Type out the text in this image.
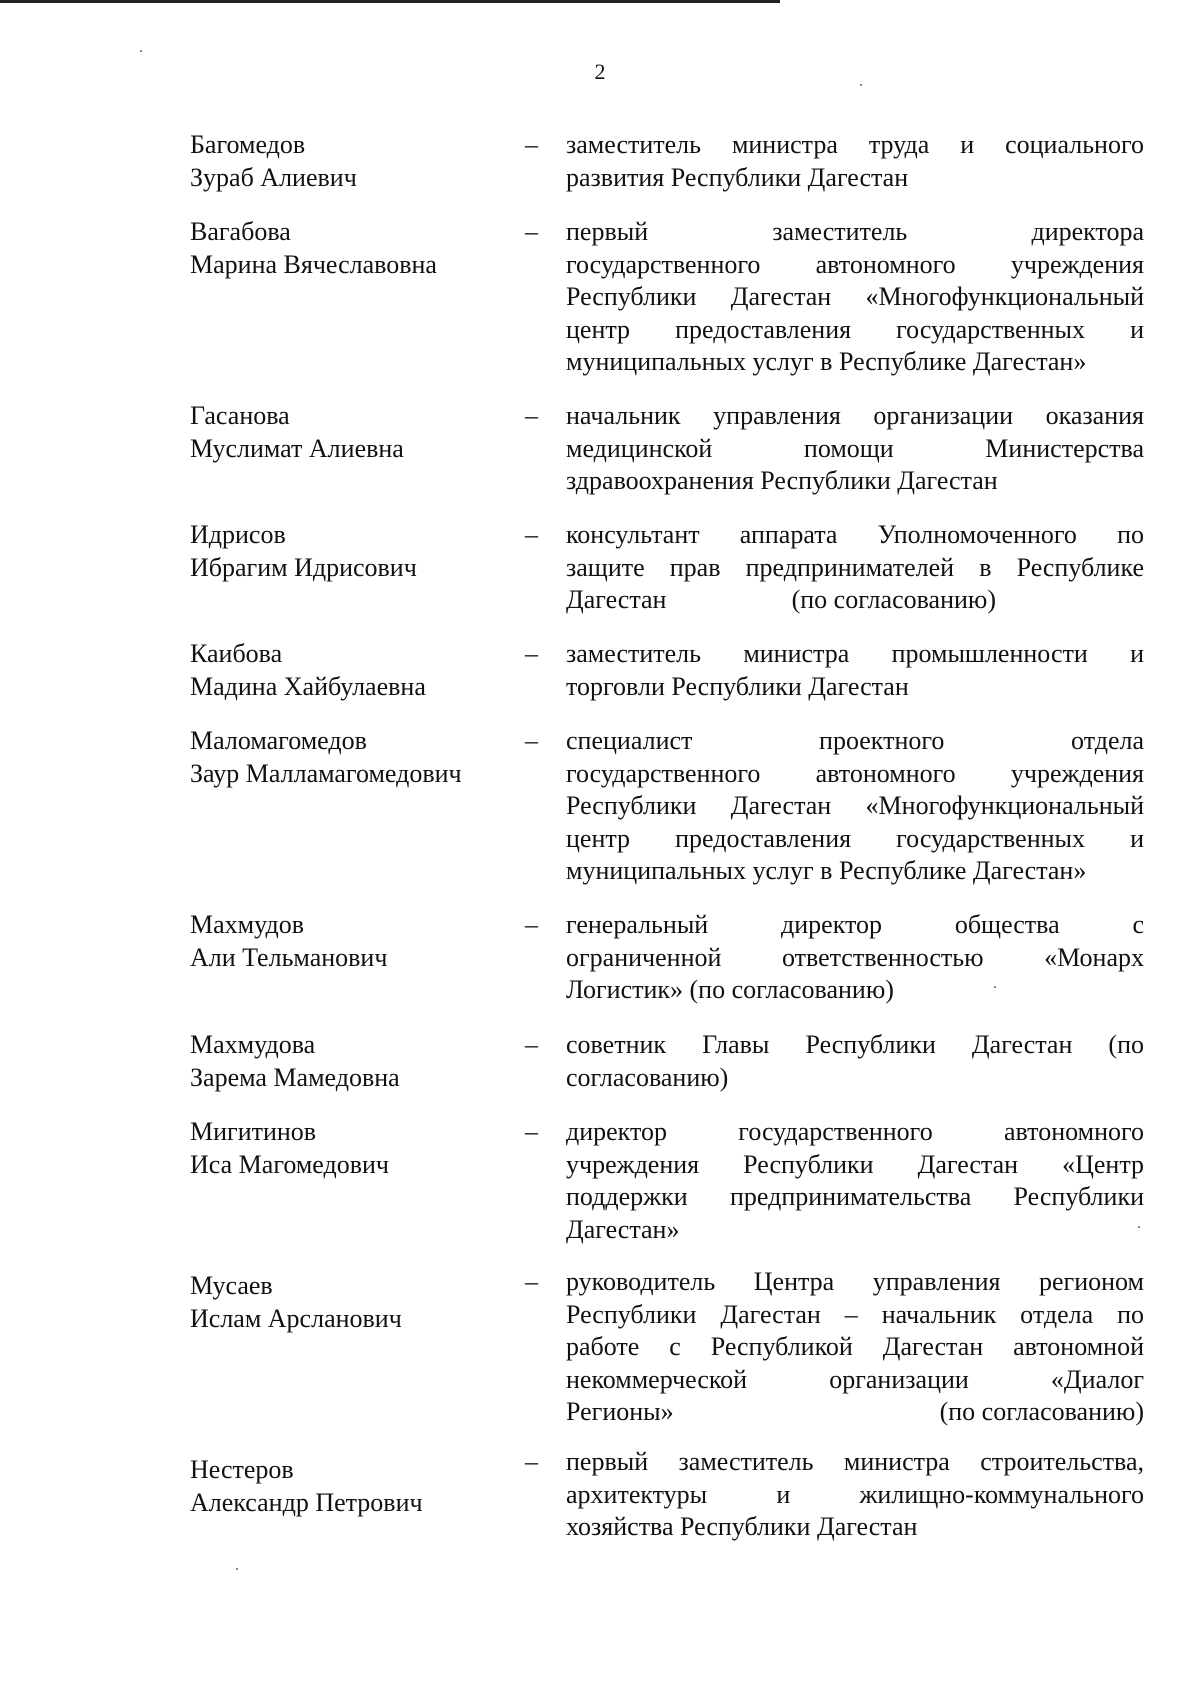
2
Багомедов
Зураб Алиевич
–	заместитель министра труда и социального
развития Республики Дагестан
Вагабова
Марина Вячеславовна
–	первый заместитель директора
государственного автономного учреждения
Республики Дагестан «Многофункциональный
центр предоставления государственных и
муниципальных услуг в Республике Дагестан»
Гасанова
Муслимат Алиевна
–	начальник управления организации оказания
медицинской помощи Министерства
здравоохранения Республики Дагестан
Идрисов
Ибрагим Идрисович
–	консультант аппарата Уполномоченного по
защите прав предпринимателей в Республике
Дагестан	(по согласованию)
Каибова
Мадина Хайбулаевна
–	заместитель министра промышленности и
торговли Республики Дагестан
Маломагомедов
Заур Малламагомедович
–	специалист проектного отдела
государственного автономного учреждения
Республики Дагестан «Многофункциональный
центр предоставления государственных и
муниципальных услуг в Республике Дагестан»
Махмудов
Али Тельманович
–	генеральный директор общества с
ограниченной ответственностью «Монарх
Логистик» (по согласованию)
Махмудова
Зарема Мамедовна
–	советник Главы Республики Дагестан (по
согласованию)
Мигитинов
Иса Магомедович
–	директор государственного автономного
учреждения Республики Дагестан «Центр
поддержки предпринимательства Республики
Дагестан»
Мусаев
Ислам Арсланович
–	руководитель Центра управления регионом
Республики Дагестан – начальник отдела по
работе с Республикой Дагестан автономной
некоммерческой организации «Диалог
Регионы»	(по согласованию)
Нестеров
Александр Петрович
–	первый заместитель министра строительства,
архитектуры и жилищно-коммунального
хозяйства Республики Дагестан
